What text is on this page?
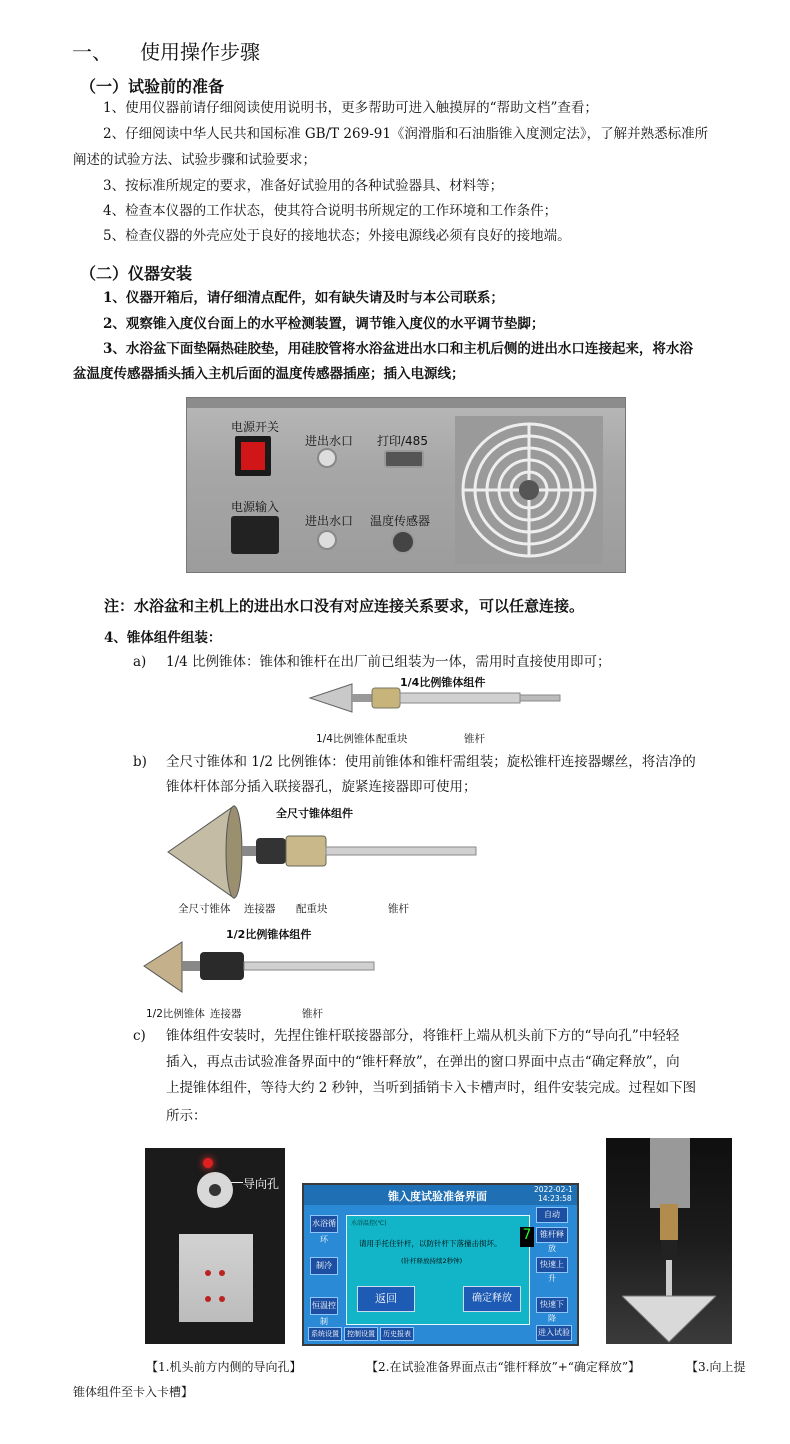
一、 使用操作步骤
（一）试验前的准备
1、使用仪器前请仔细阅读使用说明书，更多帮助可进入触摸屏的“帮助文档”查看；
2、仔细阅读中华人民共和国标准 GB/T 269-91《润滑脂和石油脂锥入度测定法》，了解并熟悉标准所
阐述的试验方法、试验步骤和试验要求；
3、按标准所规定的要求，准备好试验用的各种试验器具、材料等；
4、检查本仪器的工作状态，使其符合说明书所规定的工作环境和工作条件；
5、检查仪器的外壳应处于良好的接地状态；外接电源线必须有良好的接地端。
（二）仪器安装
1、仪器开箱后，请仔细清点配件，如有缺失请及时与本公司联系；
2、观察锥入度仪台面上的水平检测装置，调节锥入度仪的水平调节垫脚；
3、水浴盆下面垫隔热硅胶垫，用硅胶管将水浴盆进出水口和主机后侧的进出水口连接起来，将水浴
盆温度传感器插头插入主机后面的温度传感器插座；插入电源线；
电源开关
进出水口 打印/485
电源输入
进出水口 温度传感器
注：水浴盆和主机上的进出水口没有对应连接关系要求，可以任意连接。
4、锥体组件组装：
a) 1/4 比例锥体：锥体和锥杆在出厂前已组装为一体，需用时直接使用即可；
1/4比例锥体组件
1/4比例锥体 配重块	锥杆
b) 全尺寸锥体和 1/2 比例锥体：使用前锥体和锥杆需组装；旋松锥杆连接器螺丝，将洁净的
锥体杆体部分插入联接器孔，旋紧连接器即可使用；
全尺寸锥体组件
全尺寸锥体 连接器 配重块	锥杆
1/2比例锥体组件
1/2比例锥体 连接器	锥杆
c) 锥体组件安装时，先捏住锥杆联接器部分，将锥杆上端从机头前下方的“导向孔”中轻轻
插入，再点击试验准备界面中的“锥杆释放”，在弹出的窗口界面中点击“确定释放”，向
上提锥体组件，等待大约 2 秒钟，当听到插销卡入卡槽声时，组件安装完成。过程如下图
所示：
导向孔
锥入度试验准备界面
2022-02-1
14:23:58
水浴循环
制冷
恒温控制
自动
锥杆释放
快速上升
快速下降
系统设置	控制设置	历史报表	进入试验
水浴温控(℃)
请用手托住针杆，以防针杆下落撞击损坏。
(针杆释放持续2秒钟)
返回	确定释放
7
【1.机头前方内侧的导向孔】	【2.在试验准备界面点击“锥杆释放”+“确定释放”】	【3.向上提
锥体组件至卡入卡槽】
